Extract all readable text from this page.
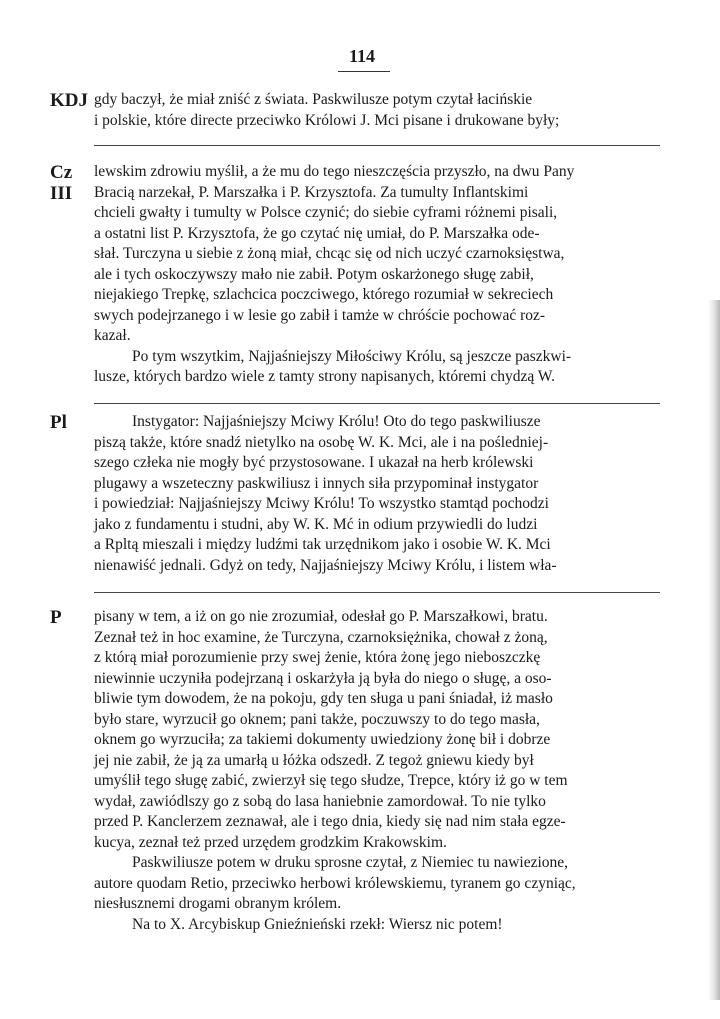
114
KDJ gdy baczył, że miał zniść z świata. Paskwilusze potym czytał łacińskie
i polskie, które directe przeciwko Królowi J. Mci pisane i drukowane były;
Cz
III
lewskim zdrowiu myślił, a że mu do tego nieszczęścia przyszło, na dwu Pany
Bracią narzekał, P. Marszałka i P. Krzysztofa. Za tumulty Inflantskimi
chcieli gwałty i tumulty w Polsce czynić; do siebie cyframi różnemi pisali,
a ostatni list P. Krzysztofa, że go czytać nię umiał, do P. Marszałka ode-
słał. Turczyna u siebie z żoną miał, chcąc się od nich uczyć czarnoksięstwa,
ale i tych oskoczywszy mało nie zabił. Potym oskarżonego sługę zabił,
niejakiego Trepkę, szlachcica poczciwego, którego rozumiał w sekreciech
swych podejrzanego i w lesie go zabił i tamże w chróście pochować roz-
kazał.
Po tym wszytkim, Najjaśniejszy Miłościwy Królu, są jeszcze paszkwi-
lusze, których bardzo wiele z tamty strony napisanych, któremi chydzą W.
Pl	Instygator: Najjaśniejszy Mciwy Królu! Oto do tego paskwiliusze
piszą także, które snadź nietylko na osobę W. K. Mci, ale i na pośledniej-
szego człeka nie mogły być przystosowane. I ukazał na herb królewski
plugawy a wszeteczny paskwiliusz i innych siła przypominał instygator
i powiedział: Najjaśniejszy Mciwy Królu! To wszystko stamtąd pochodzi
jako z fundamentu i studni, aby W. K. Mć in odium przywiedli do ludzi
a Rpltą mieszali i między ludźmi tak urzędnikom jako i osobie W. K. Mci
nienawiść jednali. Gdyż on tedy, Najjaśniejszy Mciwy Królu, i listem wła-
P	pisany w tem, a iż on go nie zrozumiał, odesłał go P. Marszałkowi, bratu.
Zeznał też in hoc examine, że Turczyna, czarnoksiężnika, chował z żoną,
z którą miał porozumienie przy swej żenie, która żonę jego nieboszczkę
niewinnie uczyniła podejrzaną i oskarżyła ją była do niego o sługę, a oso-
bliwie tym dowodem, że na pokoju, gdy ten sługa u pani śniadał, iż masło
było stare, wyrzucił go oknem; pani także, poczuwszy to do tego masła,
oknem go wyrzuciła; za takiemi dokumenty uwiedziony żonę bił i dobrze
jej nie zabił, że ją za umarłą u łóżka odszedł. Z tegoż gniewu kiedy był
umyślił tego sługę zabić, zwierzył się tego słudze, Trepce, który iż go w tem
wydał, zawiódlszy go z sobą do lasa haniebnie zamordował. To nie tylko
przed P. Kanclerzem zeznawał, ale i tego dnia, kiedy się nad nim stała egze-
kucya, zeznał też przed urzędem grodzkim Krakowskim.
Paskwiliusze potem w druku sprosne czytał, z Niemiec tu nawiezione,
autore quodam Retio, przeciwko herbowi królewskiemu, tyranem go czyniąc,
niesłusznemi drogami obranym królem.
Na to X. Arcybiskup Gnieźnieński rzekł: Wiersz nic potem!
